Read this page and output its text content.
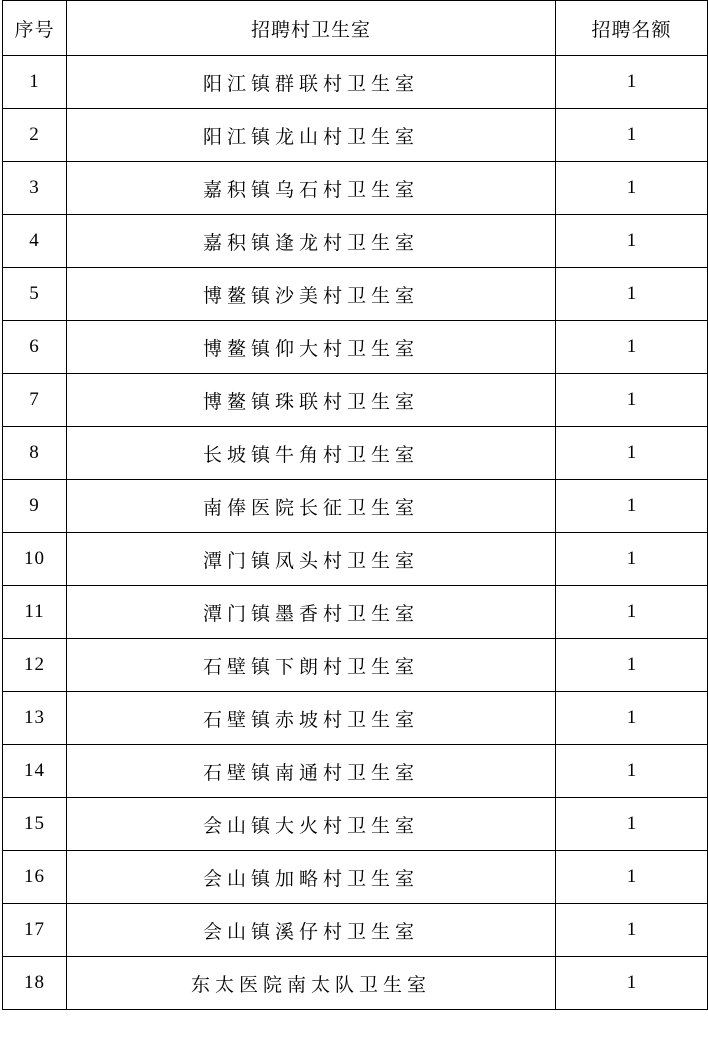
序号	招聘村卫生室	招聘名额
1	阳江镇群联村卫生室	1
2	阳江镇龙山村卫生室	1
3	嘉积镇乌石村卫生室	1
4	嘉积镇逢龙村卫生室	1
5	博鳌镇沙美村卫生室	1
6	博鳌镇仰大村卫生室	1
7	博鳌镇珠联村卫生室	1
8	长坡镇牛角村卫生室	1
9	南俸医院长征卫生室	1
10	潭门镇凤头村卫生室	1
11	潭门镇墨香村卫生室	1
12	石壁镇下朗村卫生室	1
13	石壁镇赤坡村卫生室	1
14	石壁镇南通村卫生室	1
15	会山镇大火村卫生室	1
16	会山镇加略村卫生室	1
17	会山镇溪仔村卫生室	1
18	东太医院南太队卫生室	1
